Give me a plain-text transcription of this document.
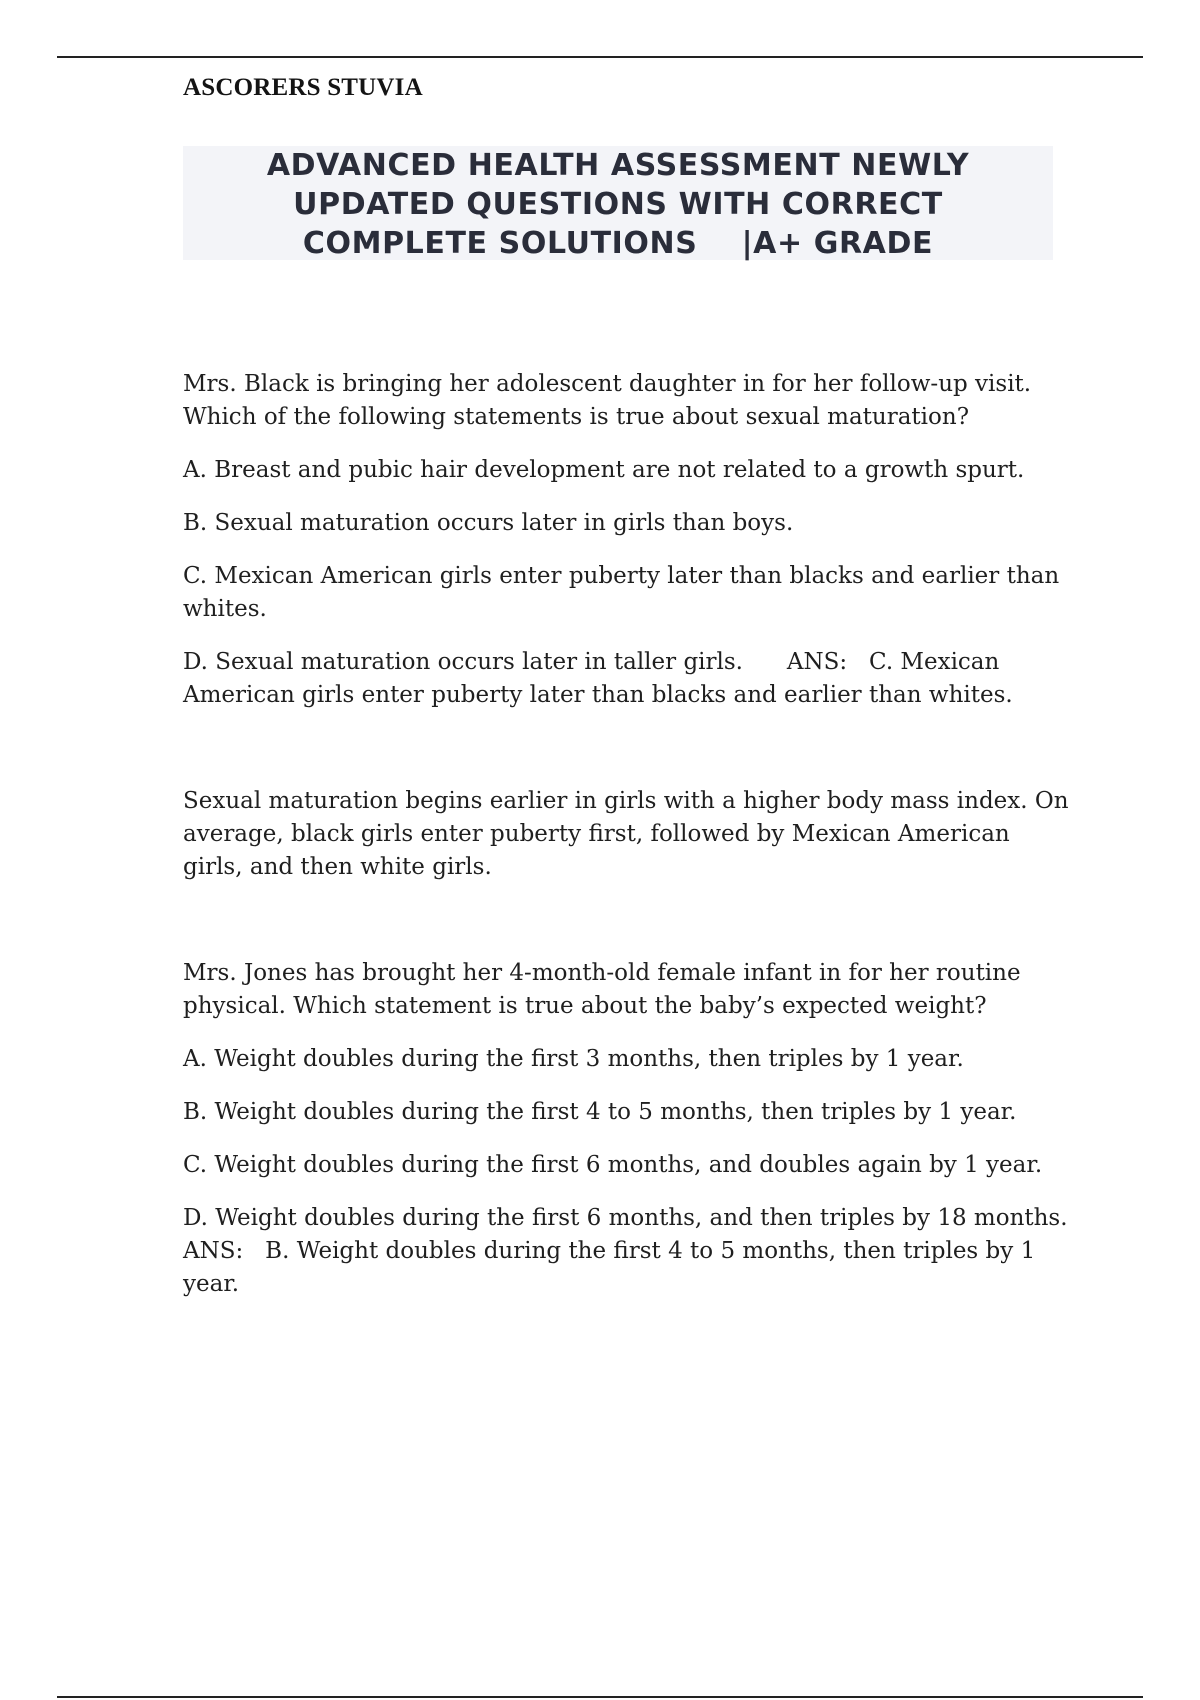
ASCORERS STUVIA
ADVANCED HEALTH ASSESSMENT NEWLY
UPDATED QUESTIONS WITH CORRECT
COMPLETE SOLUTIONS    |A+ GRADE

Mrs. Black is bringing her adolescent daughter in for her follow-up visit. Which of the following statements is true about sexual maturation?

A. Breast and pubic hair development are not related to a growth spurt.

B. Sexual maturation occurs later in girls than boys.

C. Mexican American girls enter puberty later than blacks and earlier than whites.

D. Sexual maturation occurs later in taller girls.      ANS:   C. Mexican American girls enter puberty later than blacks and earlier than whites.

Sexual maturation begins earlier in girls with a higher body mass index. On average, black girls enter puberty first, followed by Mexican American girls, and then white girls.

Mrs. Jones has brought her 4-month-old female infant in for her routine physical. Which statement is true about the baby’s expected weight?

A. Weight doubles during the first 3 months, then triples by 1 year.

B. Weight doubles during the first 4 to 5 months, then triples by 1 year.

C. Weight doubles during the first 6 months, and doubles again by 1 year.

D. Weight doubles during the first 6 months, and then triples by 18 months.      ANS:   B. Weight doubles during the first 4 to 5 months, then triples by 1 year.
